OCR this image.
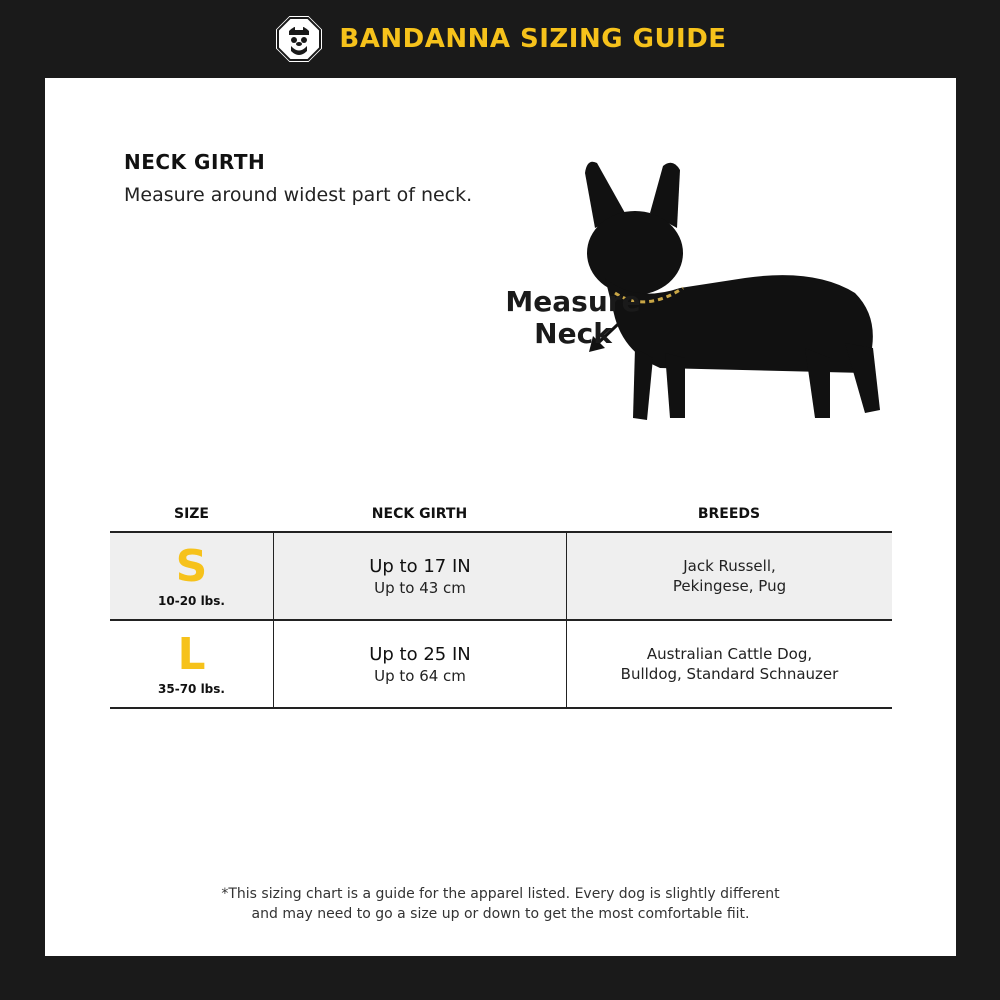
BANDANNA SIZING GUIDE
NECK GIRTH
Measure around widest part of neck.
Measure
Neck
SIZE	NECK GIRTH	BREEDS
S
10-20 lbs.
Up to 17 IN
Up to 43 cm
Jack Russell,
Pekingese, Pug
L
35-70 lbs.
Up to 25 IN
Up to 64 cm
Australian Cattle Dog,
Bulldog, Standard Schnauzer
*This sizing chart is a guide for the apparel listed. Every dog is slightly different
and may need to go a size up or down to get the most comfortable fiit.
